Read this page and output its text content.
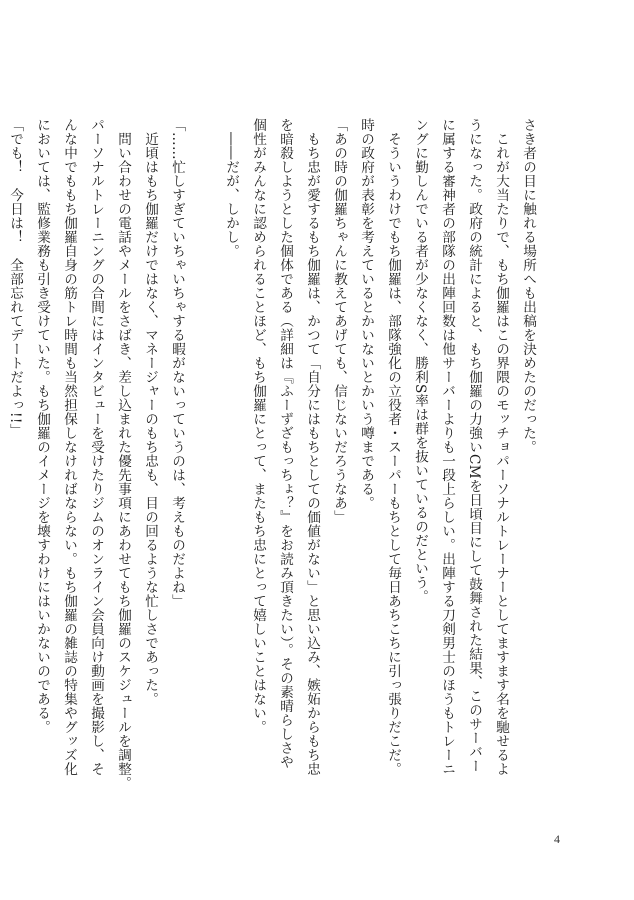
さき者の目に触れる場所へも出稿を決めたのだった。

　これが大当たりで、もち伽羅はこの界隈のモッチョパーソナルトレーナーとしてますます名を馳せるよ

うになった。政府の統計によると、もち伽羅の力強いCMを日頃目にして鼓舞された結果、このサーバー

に属する審神者の部隊の出陣回数は他サーバーよりも一段上らしい。出陣する刀剣男士のほうもトレーニ

ングに勤しんでいる者が少なくなく、勝利S率は群を抜いているのだという。

　そういうわけでもち伽羅は、部隊強化の立役者・スーパーもちとして毎日あちこちに引っ張りだこだ。

時の政府が表彰を考えているとかいないとかいう噂まである。

「あの時の伽羅ちゃんに教えてあげても、信じないだろうなあ」

　もち忠が愛するもち伽羅は、かつて「自分にはもちとしての価値がない」と思い込み、嫉妬からもち忠

を暗殺しようとした個体である（詳細は『ふーずざもっちょ？』をお読み頂きたい）。その素晴らしさや

個性がみんなに認められることほど、もち伽羅にとって、またもち忠にとって嬉しいことはない。

　――だが、しかし。

「……忙しすぎていちゃいちゃする暇がないっていうのは、考えものだよね」

　近頃はもち伽羅だけではなく、マネージャーのもち忠も、目の回るような忙しさであった。

　問い合わせの電話やメールをさばき、差し込まれた優先事項にあわせてもち伽羅のスケジュールを調整。

パーソナルトレーニングの合間にはインタビューを受けたりジムのオンライン会員向け動画を撮影し、そ

んな中でももち伽羅自身の筋トレ時間も当然担保しなければならない。もち伽羅の雑誌の特集やグッズ化

においては、監修業務も引き受けていた。もち伽羅のイメージを壊すわけにはいかないのである。

「でも！　今日は！　全部忘れてデートだよっ!!」

4
